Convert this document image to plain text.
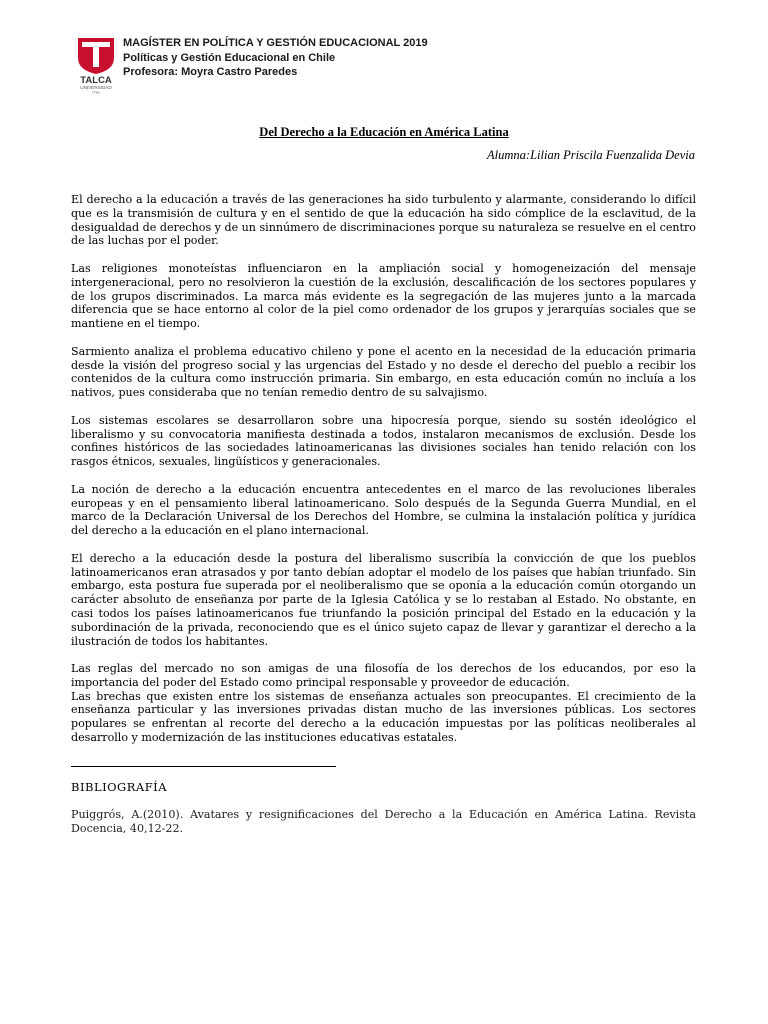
TALCA
UNIVERSIDAD
Chile
MAGÍSTER EN POLÍTICA Y GESTIÓN EDUCACIONAL 2019
Políticas y Gestión Educacional en Chile
Profesora: Moyra Castro Paredes
Del Derecho a la Educación en América Latina
Alumna:Lilian Priscila Fuenzalida Devia

El derecho a la educación a través de las generaciones ha sido turbulento y alarmante, considerando lo difícil que es la transmisión de cultura y en el sentido de que la educación ha sido cómplice de la esclavitud, de la desigualdad de derechos y de un sinnúmero de discriminaciones porque su naturaleza se resuelve en el centro de las luchas por el poder.

Las religiones monoteístas influenciaron en la ampliación social y homogeneización del mensaje intergeneracional, pero no resolvieron la cuestión de la exclusión, descalificación de los sectores populares y de los grupos discriminados. La marca más evidente es la segregación de las mujeres junto a la marcada diferencia que se hace entorno al color de la piel como ordenador de los grupos y jerarquías sociales que se mantiene en el tiempo.

Sarmiento analiza el problema educativo chileno y pone el acento en la necesidad de la educación primaria desde la visión del progreso social y las urgencias del Estado y no desde el derecho del pueblo a recibir los contenidos de la cultura como instrucción primaria. Sin embargo, en esta educación común no incluía a los nativos, pues consideraba que no tenían remedio dentro de su salvajismo.

Los sistemas escolares se desarrollaron sobre una hipocresía porque, siendo su sostén ideológico el liberalismo y su convocatoria manifiesta destinada a todos, instalaron mecanismos de exclusión. Desde los confines históricos de las sociedades latinoamericanas las divisiones sociales han tenido relación con los rasgos étnicos, sexuales, lingüísticos y generacionales.

La noción de derecho a la educación encuentra antecedentes en el marco de las revoluciones liberales europeas y en el pensamiento liberal latinoamericano. Solo después de la Segunda Guerra Mundial, en el marco de la Declaración Universal de los Derechos del Hombre, se culmina la instalación política y jurídica del derecho a la educación en el plano internacional.

El derecho a la educación desde la postura del liberalismo suscribía la convicción de que los pueblos latinoamericanos eran atrasados y por tanto debían adoptar el modelo de los países que habían triunfado. Sin embargo, esta postura fue superada por el neoliberalismo que se oponía a la educación común otorgando un carácter absoluto de enseñanza por parte de la Iglesia Católica y se lo restaban al Estado. No obstante, en casi todos los países latinoamericanos fue triunfando la posición principal del Estado en la educación y la subordinación de la privada, reconociendo que es el único sujeto capaz de llevar y garantizar el derecho a la ilustración de todos los habitantes.

Las reglas del mercado no son amigas de una filosofía de los derechos de los educandos, por eso la importancia del poder del Estado como principal responsable y proveedor de educación.

Las brechas que existen entre los sistemas de enseñanza actuales son preocupantes. El crecimiento de la enseñanza particular y las inversiones privadas distan mucho de las inversiones públicas. Los sectores populares se enfrentan al recorte del derecho a la educación impuestas por las políticas neoliberales al desarrollo y modernización de las instituciones educativas estatales.

BIBLIOGRAFÍA
Puiggrós, A.(2010). Avatares y resignificaciones del Derecho a la Educación en América Latina. Revista Docencia, 40,12-22.
